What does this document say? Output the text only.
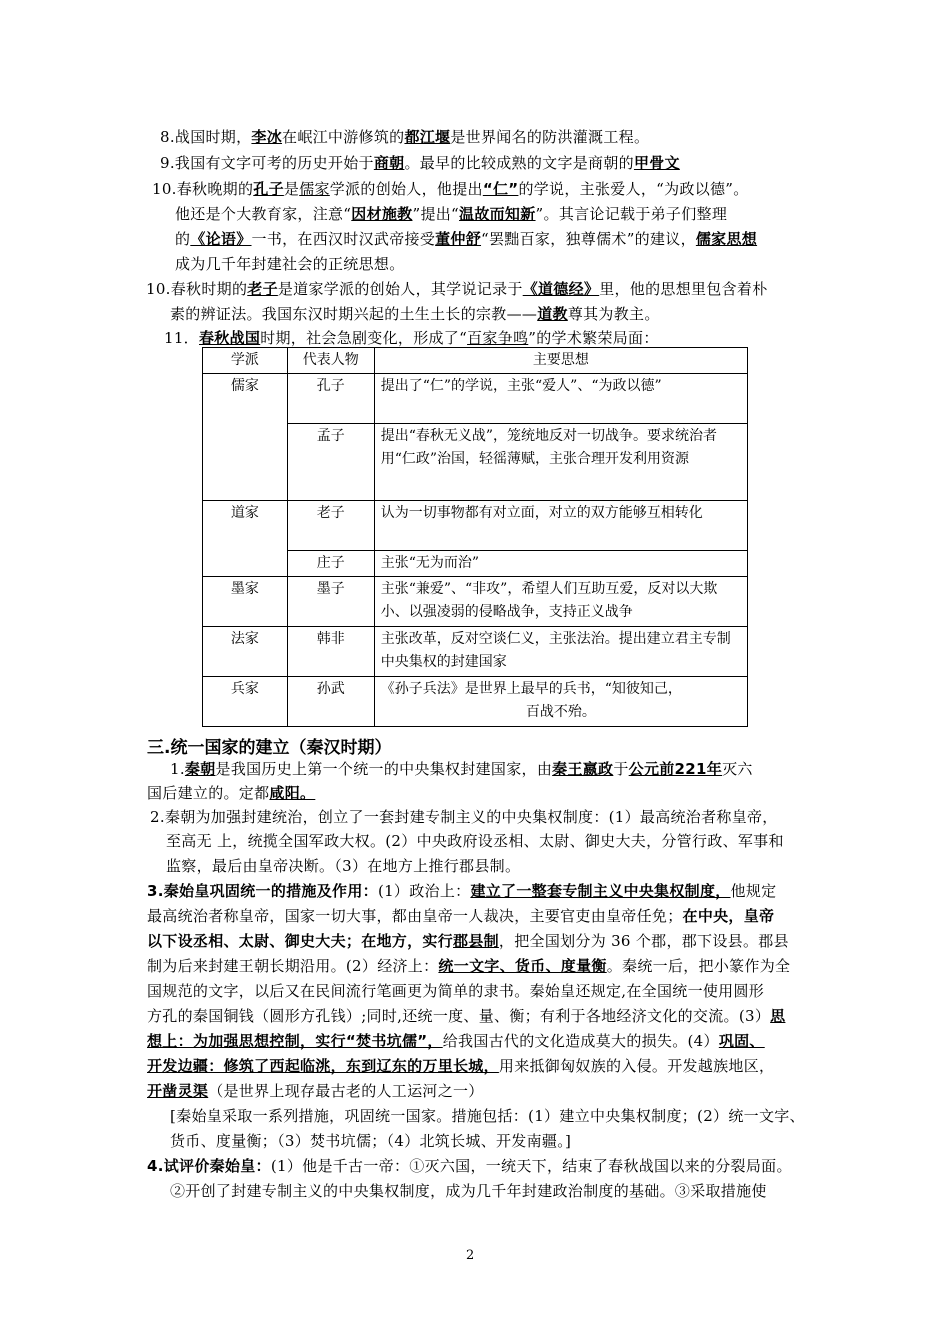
8.战国时期，李冰在岷江中游修筑的都江堰是世界闻名的防洪灌溉工程。
9.我国有文字可考的历史开始于商朝。最早的比较成熟的文字是商朝的甲骨文
10.春秋晚期的孔子是儒家学派的创始人，他提出“仁”的学说，主张爱人，“为政以德”。
他还是个大教育家，注意“因材施教”提出“温故而知新”。其言论记载于弟子们整理
的《论语》一书，在西汉时汉武帝接受董仲舒“罢黜百家，独尊儒术”的建议，儒家思想
成为几千年封建社会的正统思想。
10.春秋时期的老子是道家学派的创始人，其学说记录于《道德经》里，他的思想里包含着朴
素的辨证法。我国东汉时期兴起的土生土长的宗教——道教尊其为教主。
11．春秋战国时期，社会急剧变化，形成了“百家争鸣”的学术繁荣局面：
学派	代表人物	主要思想
儒家	孔子	提出了“仁”的学说，主张“爱人”、“为政以德”
	孟子	提出“春秋无义战”，笼统地反对一切战争。要求统治者用“仁政”治国，轻徭薄赋，主张合理开发利用资源
道家	老子	认为一切事物都有对立面，对立的双方能够互相转化
	庄子	主张“无为而治”
墨家	墨子	主张“兼爱”、“非攻”，希望人们互助互爱，反对以大欺小、以强凌弱的侵略战争，支持正义战争
法家	韩非	主张改革，反对空谈仁义，主张法治。提出建立君主专制中央集权的封建国家
兵家	孙武	《孙子兵法》是世界上最早的兵书，“知彼知己，

百战不殆。
三.统一国家的建立（秦汉时期）
1.秦朝是我国历史上第一个统一的中央集权封建国家，由秦王嬴政于公元前221年灭六
国后建立的。定都咸阳。
2.秦朝为加强封建统治，创立了一套封建专制主义的中央集权制度：(1）最高统治者称皇帝，
至高无 上，统揽全国军政大权。(2）中央政府设丞相、太尉、御史大夫，分管行政、军事和
监察，最后由皇帝决断。（3）在地方上推行郡县制。
3.秦始皇巩固统一的措施及作用：(1）政治上：建立了一整套专制主义中央集权制度，他规定
最高统治者称皇帝，国家一切大事，都由皇帝一人裁决，主要官吏由皇帝任免；在中央，皇帝
以下设丞相、太尉、御史大夫；在地方，实行郡县制，把全国划分为 36 个郡，郡下设县。郡县
制为后来封建王朝长期沿用。(2）经济上：统一文字、货币、度量衡。秦统一后，把小篆作为全
国规范的文字，以后又在民间流行笔画更为简单的隶书。秦始皇还规定,在全国统一使用圆形
方孔的秦国铜钱（圆形方孔钱）;同时,还统一度、量、衡；有利于各地经济文化的交流。(3）思
想上：为加强思想控制，实行“焚书坑儒”，给我国古代的文化造成莫大的损失。(4）巩固、
开发边疆：修筑了西起临洮，东到辽东的万里长城，用来抵御匈奴族的入侵。开发越族地区，
开凿灵渠（是世界上现存最古老的人工运河之一）
[秦始皇采取一系列措施，巩固统一国家。措施包括：(1）建立中央集权制度；(2）统一文字、
货币、度量衡；（3）焚书坑儒；（4）北筑长城、开发南疆。]
4.试评价秦始皇：(1）他是千古一帝：①灭六国，一统天下，结束了春秋战国以来的分裂局面。
②开创了封建专制主义的中央集权制度，成为几千年封建政治制度的基础。③采取措施使
2
